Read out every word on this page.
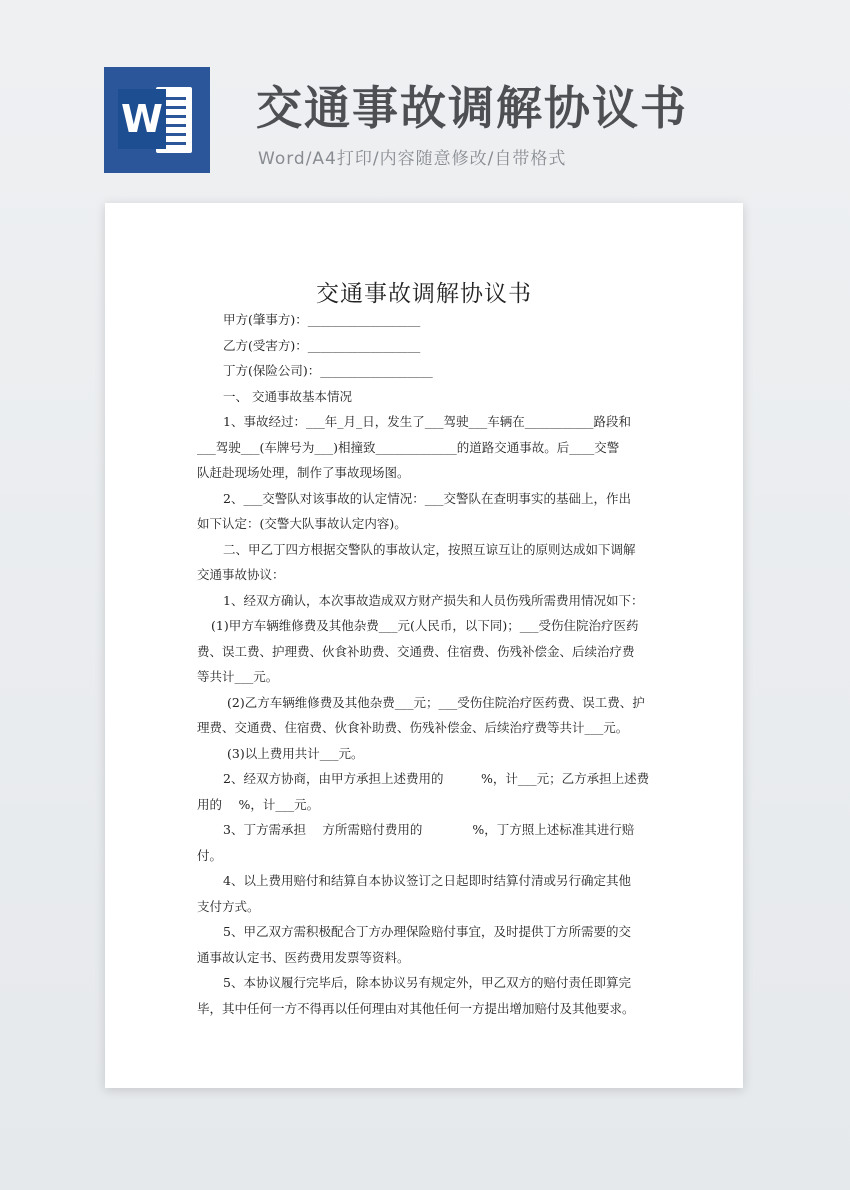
W 交通事故调解协议书

Word/A4打印/内容随意修改/自带格式

交通事故调解协议书

甲方(肇事方)：__________________

乙方(受害方)：__________________

丁方(保险公司)：__________________

一、 交通事故基本情况

1、事故经过：___年_月_日，发生了___驾驶___车辆在___________路段和

___驾驶___(车牌号为___)相撞致_____________的道路交通事故。后____交警

队赶赴现场处理，制作了事故现场图。

2、___交警队对该事故的认定情况：___交警队在查明事实的基础上，作出

如下认定：(交警大队事故认定内容)。

二、甲乙丁四方根据交警队的事故认定，按照互谅互让的原则达成如下调解

交通事故协议：

1、经双方确认，本次事故造成双方财产损失和人员伤残所需费用情况如下：

(1)甲方车辆维修费及其他杂费___元(人民币，以下同)；___受伤住院治疗医药

费、误工费、护理费、伙食补助费、交通费、住宿费、伤残补偿金、后续治疗费

等共计___元。

(2)乙方车辆维修费及其他杂费___元；___受伤住院治疗医药费、误工费、护

理费、交通费、住宿费、伙食补助费、伤残补偿金、后续治疗费等共计___元。

(3)以上费用共计___元。

2、经双方协商，由甲方承担上述费用的　　　%，计___元；乙方承担上述费

用的　 %，计___元。

3、丁方需承担　 方所需赔付费用的　　　　%，丁方照上述标准其进行赔

付。

4、以上费用赔付和结算自本协议签订之日起即时结算付清或另行确定其他

支付方式。

5、甲乙双方需积极配合丁方办理保险赔付事宜，及时提供丁方所需要的交

通事故认定书、医药费用发票等资料。

5、本协议履行完毕后，除本协议另有规定外，甲乙双方的赔付责任即算完

毕，其中任何一方不得再以任何理由对其他任何一方提出增加赔付及其他要求。
